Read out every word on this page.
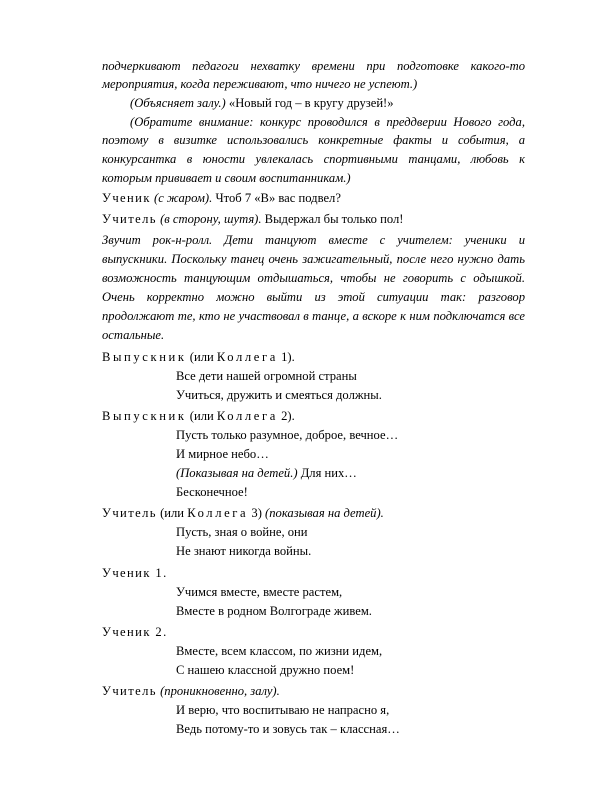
подчеркивают педагоги нехватку времени при подготовке какого-то
мероприятия, когда переживают, что ничего не успеют.)
(Объясняет залу.) «Новый год – в кругу друзей!»
(Обратите внимание: конкурс проводился в преддверии Нового года,
поэтому в визитке использовались конкретные факты и события, а
конкурсантка в юности увлекалась спортивными танцами, любовь к
которым прививает и своим воспитанникам.)
Ученик (с жаром). Чтоб 7 «В» вас подвел?
Учитель (в сторону, шутя). Выдержал бы только пол!
Звучит рок-н-ролл. Дети танцуют вместе с учителем: ученики и
выпускники. Поскольку танец очень зажигательный, после него нужно дать
возможность танцующим отдышаться, чтобы не говорить с одышкой.
Очень корректно можно выйти из этой ситуации так: разговор
продолжают те, кто не участвовал в танце, а вскоре к ним подключатся все
остальные.
Выпускник (или Коллега 1).
Все дети нашей огромной страны
Учиться, дружить и смеяться должны.
Выпускник (или Коллега 2).
Пусть только разумное, доброе, вечное…
И мирное небо…
(Показывая на детей.) Для них…
Бесконечное!
Учитель (или Коллега 3) (показывая на детей).
Пусть, зная о войне, они
Не знают никогда войны.
Ученик 1.
Учимся вместе, вместе растем,
Вместе в родном Волгограде живем.
Ученик 2.
Вместе, всем классом, по жизни идем,
С нашею классной дружно поем!
Учитель (проникновенно, залу).
И верю, что воспитываю не напрасно я,
Ведь потому-то и зовусь так – классная…
